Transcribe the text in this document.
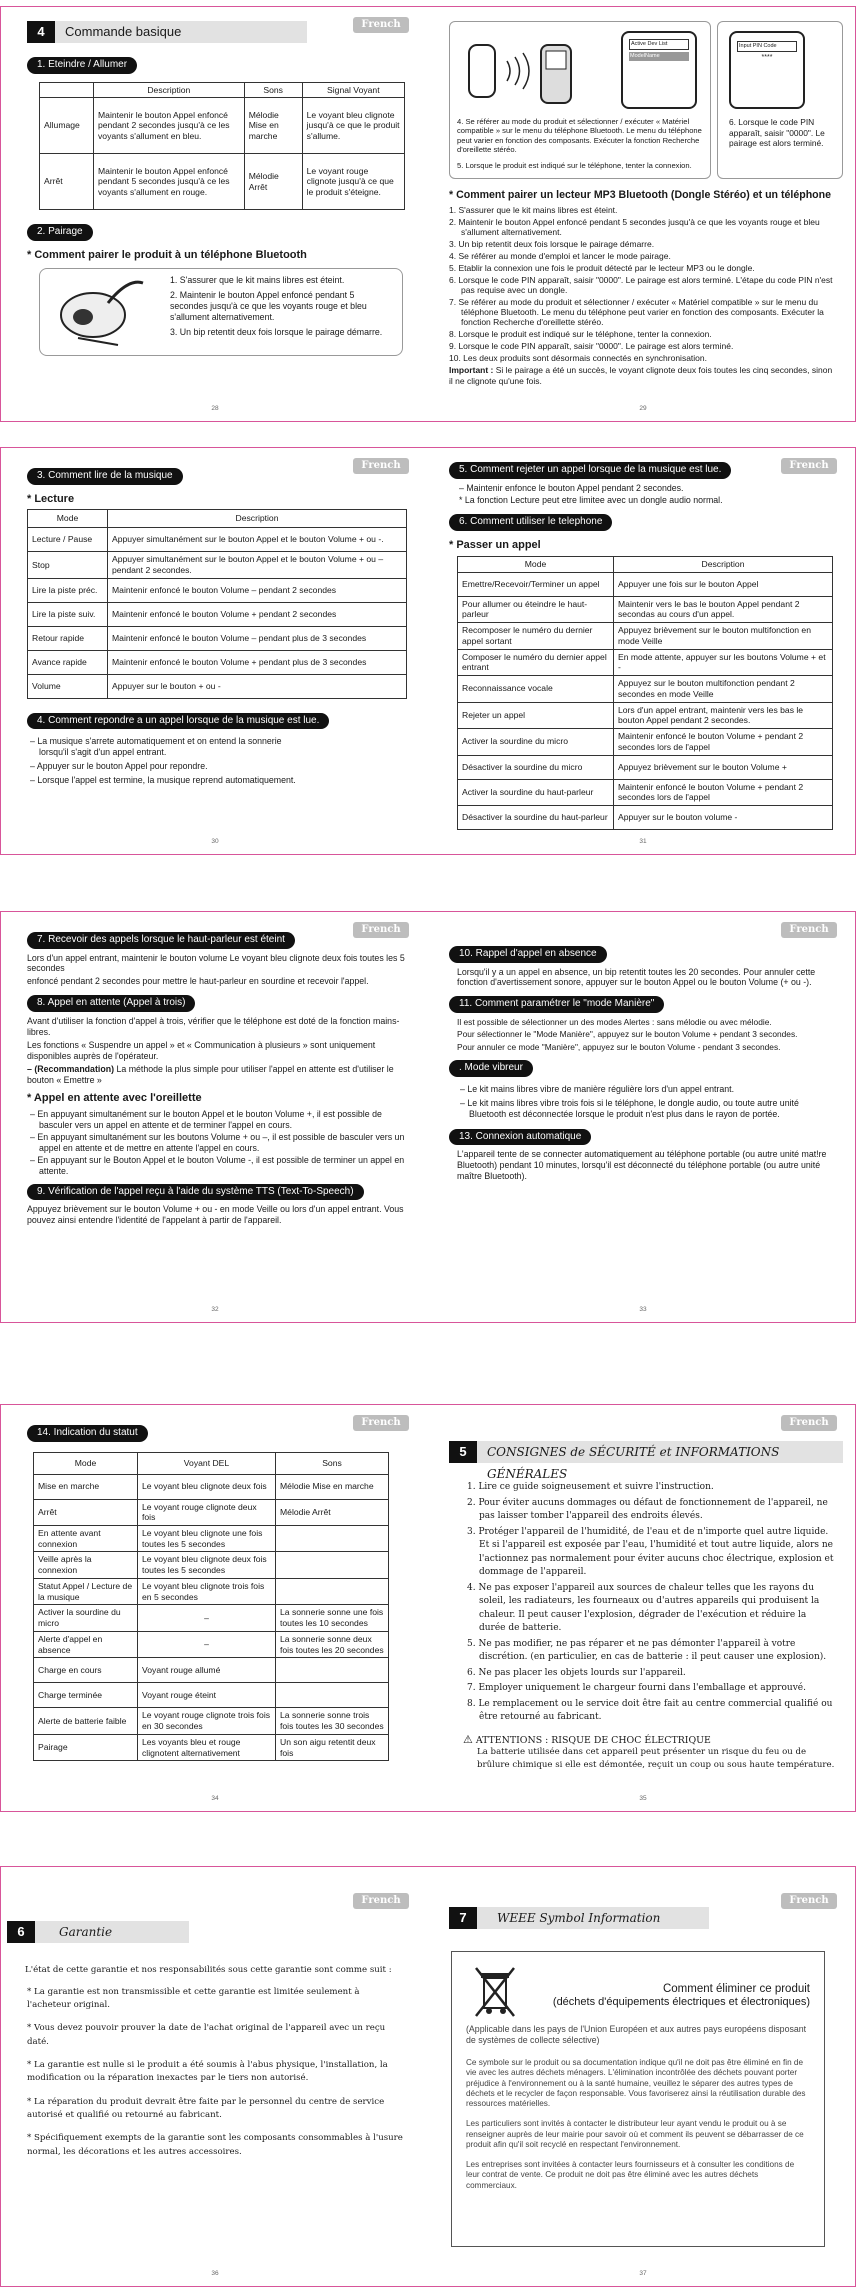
French
4	Commande basique
1. Eteindre / Allumer
	Description	Sons	Signal Voyant
Allumage	Maintenir le bouton Appel enfoncé pendant 2 secondes jusqu'à ce les voyants s'allument en bleu.	Mélodie Mise en marche	Le voyant bleu clignote jusqu'à ce que le produit s'allume.
Arrêt	Maintenir le bouton Appel enfoncé pendant 5 secondes jusqu'à ce les voyants s'allument en rouge.	Mélodie Arrêt	Le voyant rouge clignote jusqu'à ce que le produit s'éteigne.
2. Pairage
* Comment pairer le produit à un téléphone Bluetooth
1. S'assurer que le kit mains libres est éteint.
2. Maintenir le bouton Appel enfoncé pendant 5 secondes jusqu'à ce que les voyants rouge et bleu s'allument alternativement.
3. Un bip retentit deux fois lorsque le pairage démarre.
28
Active Dev List
ModelName
4. Se référer au mode du produit et sélectionner / exécuter « Matériel compatible » sur le menu du téléphone Bluetooth. Le menu du téléphone peut varier en fonction des composants. Exécuter la fonction Recherche d'oreillette stéréo.
5. Lorsque le produit est indiqué sur le téléphone, tenter la connexion.
Input PIN Code
****
6. Lorsque le code PIN apparaît, saisir "0000". Le pairage est alors terminé.
* Comment pairer un lecteur MP3 Bluetooth (Dongle Stéréo) et un téléphone
1. S'assurer que le kit mains libres est éteint.
2. Maintenir le bouton Appel enfoncé pendant 5 secondes jusqu'à ce que les voyants rouge et bleu s'allument alternativement.
3. Un bip retentit deux fois lorsque le pairage démarre.
4. Se référer au monde d'emploi et lancer le mode pairage.
5. Etablir la connexion une fois le produit détecté par le lecteur MP3 ou le dongle.
6. Lorsque le code PIN apparaît, saisir "0000". Le pairage est alors terminé. L'étape du code PIN n'est pas requise avec un dongle.
7. Se référer au mode du produit et sélectionner / exécuter « Matériel compatible » sur le menu du téléphone Bluetooth. Le menu du téléphone peut varier en fonction des composants. Exécuter la fonction Recherche d'oreillette stéréo.
8. Lorsque le produit est indiqué sur le téléphone, tenter la connexion.
9. Lorsque le code PIN apparaît, saisir "0000". Le pairage est alors terminé.
10. Les deux produits sont désormais connectés en synchronisation.
Important : Si le pairage a été un succès, le voyant clignote deux fois toutes les cinq secondes, sinon il ne clignote qu'une fois.
29
French
3. Comment lire de la musique
* Lecture
Mode	Description
Lecture / Pause	Appuyer simultanément sur le bouton Appel et le bouton Volume + ou -.
Stop	Appuyer simultanément sur le bouton Appel et le bouton Volume + ou – pendant 2 secondes.
Lire la piste préc.	Maintenir enfoncé le bouton Volume – pendant 2 secondes
Lire la piste suiv.	Maintenir enfoncé le bouton Volume + pendant 2 secondes
Retour rapide	Maintenir enfoncé le bouton Volume – pendant plus de 3 secondes
Avance rapide	Maintenir enfoncé le bouton Volume + pendant plus de 3 secondes
Volume	Appuyer sur le bouton + ou -
4. Comment repondre a un appel lorsque de la musique est lue.
– La musique s'arrete automatiquement et on entend la sonnerie lorsqu'il s'agit d'un appel entrant.
– Appuyer sur le bouton Appel pour repondre.
– Lorsque l'appel est termine, la musique reprend automatiquement.
30
French
5. Comment rejeter un appel lorsque de la musique est lue.
– Maintenir enfonce le bouton Appel pendant 2 secondes.
* La fonction Lecture peut etre limitee avec un dongle audio normal.
6. Comment utiliser le telephone
* Passer un appel
Mode	Description
Emettre/Recevoir/Terminer un appel	Appuyer une fois sur le bouton Appel
Pour allumer ou éteindre le haut-parleur	Maintenir vers le bas le bouton Appel pendant 2 secondas au cours d'un appel.
Recomposer le numéro du dernier appel sortant	Appuyez brièvement sur le bouton multifonction en mode Veille
Composer le numéro du dernier appel entrant	En mode attente, appuyer sur les boutons Volume + et -
Reconnaissance vocale	Appuyez sur le bouton multifonction pendant 2 secondes en mode Veille
Rejeter un appel	Lors d'un appel entrant, maintenir vers les bas le bouton Appel pendant 2 secondes.
Activer la sourdine du micro	Maintenir enfoncé le bouton Volume + pendant 2 secondes lors de l'appel
Désactiver la sourdine du micro	Appuyez brièvement sur le bouton Volume +
Activer la sourdine du haut-parleur	Maintenir enfoncé le bouton Volume + pendant 2 secondes lors de l'appel
Désactiver la sourdine du haut-parleur	Appuyer sur le bouton volume -
31
French
7. Recevoir des appels lorsque le haut-parleur est éteint
Lors d'un appel entrant, maintenir le bouton volume Le voyant bleu clignote deux fois toutes les 5 secondes
enfoncé pendant 2 secondes pour mettre le haut-parleur en sourdine et recevoir l'appel.
8. Appel en attente (Appel à trois)
Avant d'utiliser la fonction d'appel à trois, vérifier que le téléphone est doté de la fonction mains-libres.
Les fonctions « Suspendre un appel » et « Communication à plusieurs » sont uniquement disponibles auprès de l'opérateur.
– (Recommandation) La méthode la plus simple pour utiliser l'appel en attente est d'utiliser le bouton « Emettre »
* Appel en attente avec l'oreillette
– En appuyant simultanément sur le bouton Appel et le bouton Volume +, il est possible de basculer vers un appel en attente et de terminer l'appel en cours.
– En appuyant simultanément sur les boutons Volume + ou –, il est possible de basculer vers un appel en attente et de mettre en attente l'appel en cours.
– En appuyant sur le Bouton Appel et le bouton Volume -, il est possible de terminer un appel en attente.
9. Vérification de l'appel reçu à l'aide du système TTS (Text-To-Speech)
Appuyez brièvement sur le bouton Volume + ou - en mode Veille ou lors d'un appel entrant. Vous pouvez ainsi entendre l'identité de l'appelant à partir de l'appareil.
32
French
10. Rappel d'appel en absence
Lorsqu'il y a un appel en absence, un bip retentit toutes les 20 secondes. Pour annuler cette fonction d'avertissement sonore, appuyer sur le bouton Appel ou le bouton Volume (+ ou -).
11. Comment paramétrer le "mode Manière"
Il est possible de sélectionner un des modes Alertes : sans mélodie ou avec mélodie.
Pour sélectionner le "Mode Manière", appuyez sur le bouton Volume + pendant 3 secondes.
Pour annuler ce mode "Manière", appuyez sur le bouton Volume - pendant 3 secondes.
. Mode vibreur
– Le kit mains libres vibre de manière régulière lors d'un appel entrant.
– Le kit mains libres vibre trois fois si le téléphone, le dongle audio, ou toute autre unité Bluetooth est déconnectée lorsque le produit n'est plus dans le rayon de portée.
13. Connexion automatique
L'appareil tente de se connecter automatiquement au téléphone portable (ou autre unité mat!re Bluetooth) pendant 10 minutes, lorsqu'il est déconnecté du téléphone portable (ou autre unité maître Bluetooth).
33
French
14. Indication du statut
Mode	Voyant DEL	Sons
Mise en marche	Le voyant bleu clignote deux fois	Mélodie Mise en marche
Arrêt	Le voyant rouge clignote deux fois	Mélodie Arrêt
En attente avant connexion	Le voyant bleu clignote une fois toutes les 5 secondes	
Veille après la connexion	Le voyant bleu clignote deux fois toutes les 5 secondes	
Statut Appel / Lecture de la musique	Le voyant bleu clignote trois fois en 5 secondes	
Activer la sourdine du micro	–	La sonnerie sonne une fois toutes les 10 secondes
Alerte d'appel en absence	–	La sonnerie sonne deux fois toutes les 20 secondes
Charge en cours	Voyant rouge allumé	
Charge terminée	Voyant rouge éteint	
Alerte de batterie faible	Le voyant rouge clignote trois fois en 30 secondes	La sonnerie sonne trois fois toutes les 30 secondes
Pairage	Les voyants bleu et rouge clignotent alternativement	Un son aigu retentit deux fois
34
French
5	CONSIGNES de SÉCURITÉ et INFORMATIONS GÉNÉRALES
1. Lire ce guide soigneusement et suivre l'instruction.
2. Pour éviter aucuns dommages ou défaut de fonctionnement de l'appareil, ne pas laisser tomber l'appareil des endroits élevés.
3. Protéger l'appareil de l'humidité, de l'eau et de n'importe quel autre liquide. Et si l'appareil est exposée par l'eau, l'humidité et tout autre liquide, alors ne l'actionnez pas normalement pour éviter aucuns choc électrique, explosion et dommage de l'appareil.
4. Ne pas exposer l'appareil aux sources de chaleur telles que les rayons du soleil, les radiateurs, les fourneaux ou d'autres appareils qui produisent la chaleur. Il peut causer l'explosion, dégrader de l'exécution et réduire la durée de batterie.
5. Ne pas modifier, ne pas réparer et ne pas démonter l'appareil à votre discrétion. (en particulier, en cas de batterie : il peut causer une explosion).
6. Ne pas placer les objets lourds sur l'appareil.
7. Employer uniquement le chargeur fourni dans l'emballage et approuvé.
8. Le remplacement ou le service doit être fait au centre commercial qualifié ou être retourné au fabricant.
⚠ ATTENTIONS : RISQUE DE CHOC ÉLECTRIQUE
La batterie utilisée dans cet appareil peut présenter un risque du feu ou de brûlure chimique si elle est démontée, reçuit un coup ou sous haute température.
35
French
6	Garantie
L'état de cette garantie et nos responsabilités sous cette garantie sont comme suit :
* La garantie est non transmissible et cette garantie est limitée seulement à l'acheteur original.
* Vous devez pouvoir prouver la date de l'achat original de l'appareil avec un reçu daté.
* La garantie est nulle si le produit a été soumis à l'abus physique, l'installation, la modification ou la réparation inexactes par le tiers non autorisé.
* La réparation du produit devrait être faite par le personnel du centre de service autorisé et qualifié ou retourné au fabricant.
* Spécifiquement exempts de la garantie sont les composants consommables à l'usure normal, les décorations et les autres accessoires.
36
French
7	WEEE Symbol Information
Comment éliminer ce produit
(déchets d'équipements électriques et électroniques)
(Applicable dans les pays de l'Union Européen et aux autres pays européens disposant de systèmes de collecte sélective)
Ce symbole sur le produit ou sa documentation indique qu'il ne doit pas être éliminé en fin de vie avec les autres déchets ménagers. L'élimination incontrôlée des déchets pouvant porter préjudice à l'environnement ou à la santé humaine, veuillez le séparer des autres types de déchets et le recycler de façon responsable. Vous favoriserez ainsi la réutilisation durable des ressources matérielles.
Les particuliers sont invités à contacter le distributeur leur ayant vendu le produit ou à se renseigner auprès de leur mairie pour savoir où et comment ils peuvent se débarrasser de ce produit afin qu'il soit recyclé en respectant l'environnement.
Les entreprises sont invitées à contacter leurs fournisseurs et à consulter les conditions de leur contrat de vente. Ce produit ne doit pas être éliminé avec les autres déchets commerciaux.
37
